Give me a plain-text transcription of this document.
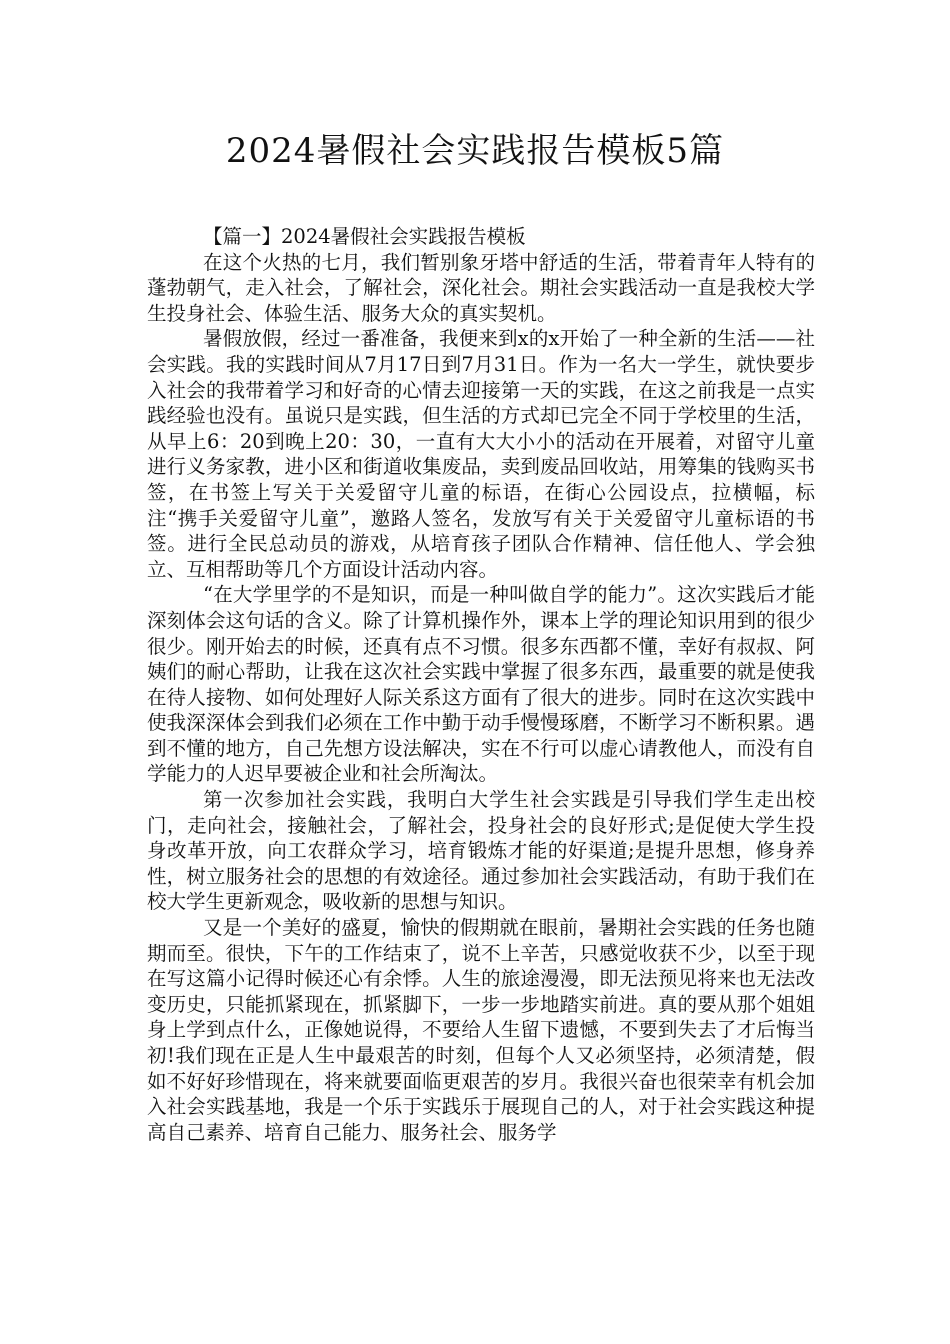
2024暑假社会实践报告模板5篇

【篇一】2024暑假社会实践报告模板

在这个火热的七月，我们暂别象牙塔中舒适的生活，带着青年人特有的蓬勃朝气，走入社会，了解社会，深化社会。期社会实践活动一直是我校大学生投身社会、体验生活、服务大众的真实契机。

暑假放假，经过一番准备，我便来到x的x开始了一种全新的生活——社会实践。我的实践时间从7月17日到7月31日。作为一名大一学生，就快要步入社会的我带着学习和好奇的心情去迎接第一天的实践，在这之前我是一点实践经验也没有。虽说只是实践，但生活的方式却已完全不同于学校里的生活，从早上6：20到晚上20：30，一直有大大小小的活动在开展着，对留守儿童进行义务家教，进小区和街道收集废品，卖到废品回收站，用筹集的钱购买书签，在书签上写关于关爱留守儿童的标语，在街心公园设点，拉横幅，标注“携手关爱留守儿童”，邀路人签名，发放写有关于关爱留守儿童标语的书签。进行全民总动员的游戏，从培育孩子团队合作精神、信任他人、学会独立、互相帮助等几个方面设计活动内容。

“在大学里学的不是知识，而是一种叫做自学的能力”。这次实践后才能深刻体会这句话的含义。除了计算机操作外，课本上学的理论知识用到的很少很少。刚开始去的时候，还真有点不习惯。很多东西都不懂，幸好有叔叔、阿姨们的耐心帮助，让我在这次社会实践中掌握了很多东西，最重要的就是使我在待人接物、如何处理好人际关系这方面有了很大的进步。同时在这次实践中使我深深体会到我们必须在工作中勤于动手慢慢琢磨，不断学习不断积累。遇到不懂的地方，自己先想方设法解决，实在不行可以虚心请教他人，而没有自学能力的人迟早要被企业和社会所淘汰。

第一次参加社会实践，我明白大学生社会实践是引导我们学生走出校门，走向社会，接触社会，了解社会，投身社会的良好形式;是促使大学生投身改革开放，向工农群众学习，培育锻炼才能的好渠道;是提升思想，修身养性，树立服务社会的思想的有效途径。通过参加社会实践活动，有助于我们在校大学生更新观念，吸收新的思想与知识。

又是一个美好的盛夏，愉快的假期就在眼前，暑期社会实践的任务也随期而至。很快，下午的工作结束了，说不上辛苦，只感觉收获不少，以至于现在写这篇小记得时候还心有余悸。人生的旅途漫漫，即无法预见将来也无法改变历史，只能抓紧现在，抓紧脚下，一步一步地踏实前进。真的要从那个姐姐身上学到点什么，正像她说得，不要给人生留下遗憾，不要到失去了才后悔当初!我们现在正是人生中最艰苦的时刻，但每个人又必须坚持，必须清楚，假如不好好珍惜现在，将来就要面临更艰苦的岁月。我很兴奋也很荣幸有机会加入社会实践基地，我是一个乐于实践乐于展现自己的人，对于社会实践这种提高自己素养、培育自己能力、服务社会、服务学
